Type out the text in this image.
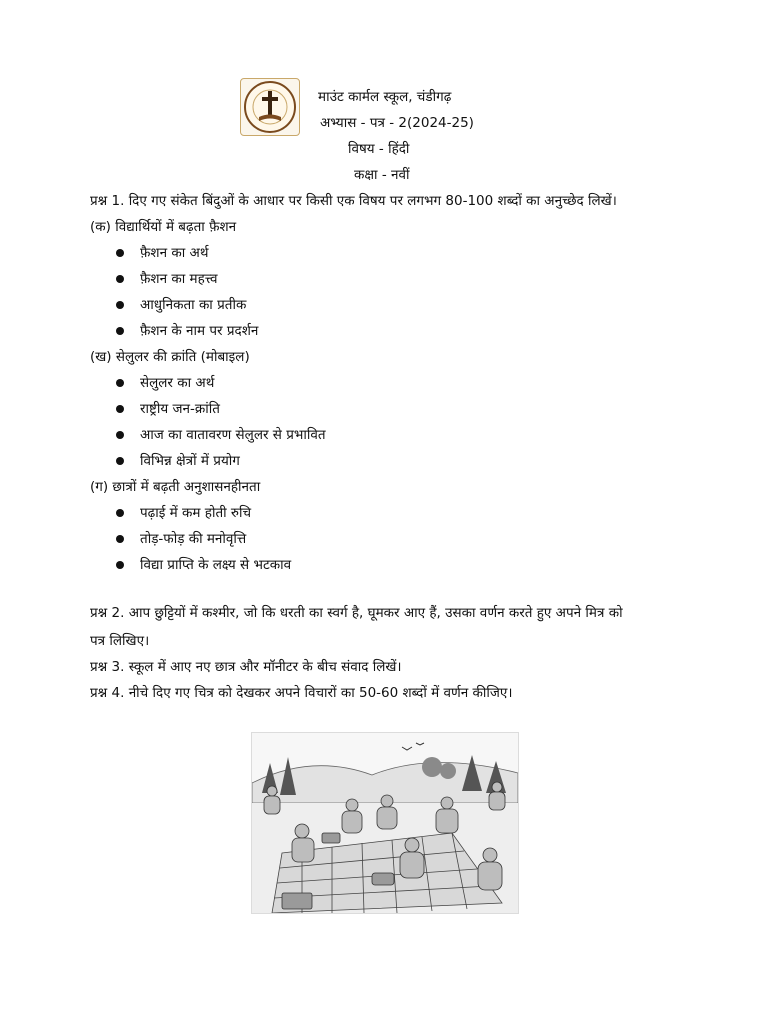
माउंट कार्मल स्कूल, चंडीगढ़
अभ्यास - पत्र - 2(2024-25)
विषय - हिंदी
कक्षा - नवीं
प्रश्न 1. दिए गए संकेत बिंदुओं के आधार पर किसी एक विषय पर लगभग 80-100 शब्दों का अनुच्छेद लिखें।
(क) विद्यार्थियों में बढ़ता फ़ैशन
फ़ैशन का अर्थ
फ़ैशन का महत्त्व
आधुनिकता का प्रतीक
फ़ैशन के नाम पर प्रदर्शन
(ख) सेलुलर की क्रांति (मोबाइल)
सेलुलर का अर्थ
राष्ट्रीय जन-क्रांति
आज का वातावरण सेलुलर से प्रभावित
विभिन्न क्षेत्रों में प्रयोग
(ग) छात्रों में बढ़ती अनुशासनहीनता
पढ़ाई में कम होती रुचि
तोड़-फोड़ की मनोवृत्ति
विद्या प्राप्ति के लक्ष्य से भटकाव
प्रश्न 2. आप छुट्टियों में कश्मीर, जो कि धरती का स्वर्ग है, घूमकर आए हैं, उसका वर्णन करते हुए अपने मित्र को
पत्र लिखिए।
प्रश्न 3. स्कूल में आए नए छात्र और मॉनीटर के बीच संवाद लिखें।
प्रश्न 4. नीचे दिए गए चित्र को देखकर अपने विचारों का 50-60 शब्दों में वर्णन कीजिए।
